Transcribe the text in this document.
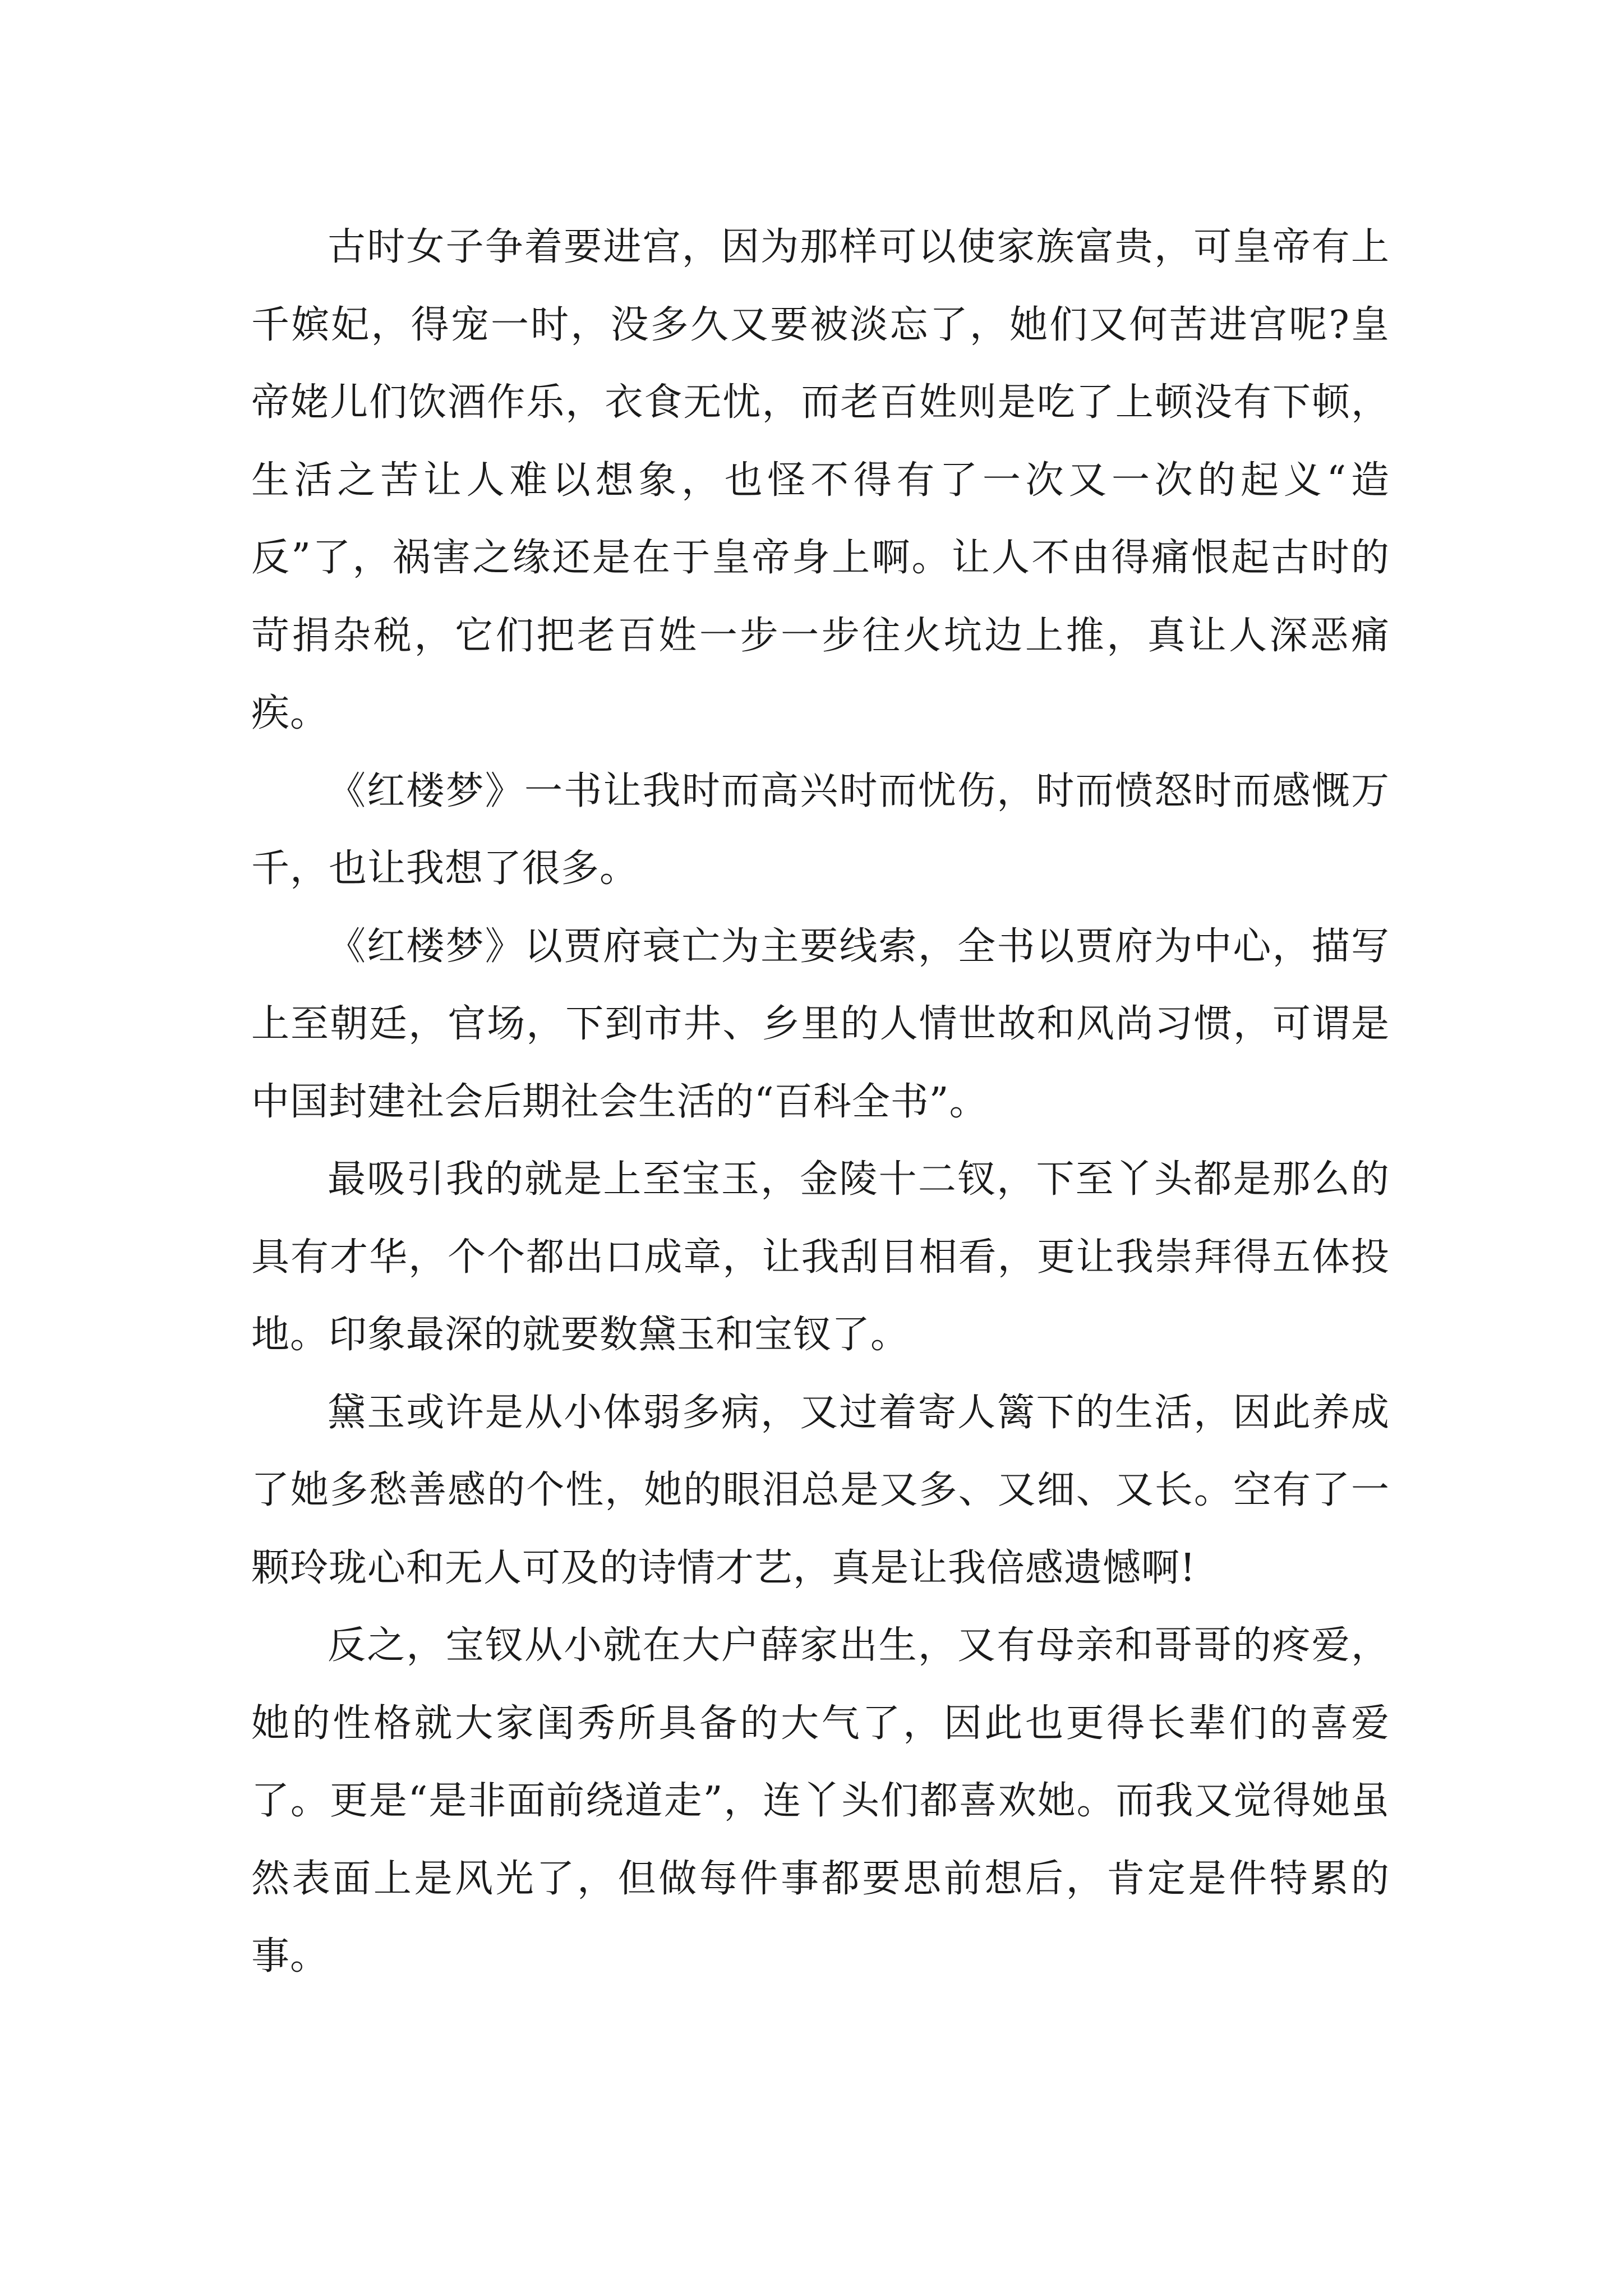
古时女子争着要进宫，因为那样可以使家族富贵，可皇帝有上千嫔妃，得宠一时，没多久又要被淡忘了，她们又何苦进宫呢?皇帝姥儿们饮酒作乐，衣食无忧，而老百姓则是吃了上顿没有下顿，生活之苦让人难以想象，也怪不得有了一次又一次的起义“造反”了，祸害之缘还是在于皇帝身上啊。让人不由得痛恨起古时的苛捐杂税，它们把老百姓一步一步往火坑边上推，真让人深恶痛疾。

《红楼梦》一书让我时而高兴时而忧伤，时而愤怒时而感慨万千，也让我想了很多。

《红楼梦》以贾府衰亡为主要线索，全书以贾府为中心，描写上至朝廷，官场，下到市井、乡里的人情世故和风尚习惯，可谓是中国封建社会后期社会生活的“百科全书”。

最吸引我的就是上至宝玉，金陵十二钗，下至丫头都是那么的具有才华，个个都出口成章，让我刮目相看，更让我崇拜得五体投地。印象最深的就要数黛玉和宝钗了。

黛玉或许是从小体弱多病，又过着寄人篱下的生活，因此养成了她多愁善感的个性，她的眼泪总是又多、又细、又长。空有了一颗玲珑心和无人可及的诗情才艺，真是让我倍感遗憾啊!

反之，宝钗从小就在大户薛家出生，又有母亲和哥哥的疼爱，她的性格就大家闺秀所具备的大气了，因此也更得长辈们的喜爱了。更是“是非面前绕道走”，连丫头们都喜欢她。而我又觉得她虽然表面上是风光了，但做每件事都要思前想后，肯定是件特累的事。
